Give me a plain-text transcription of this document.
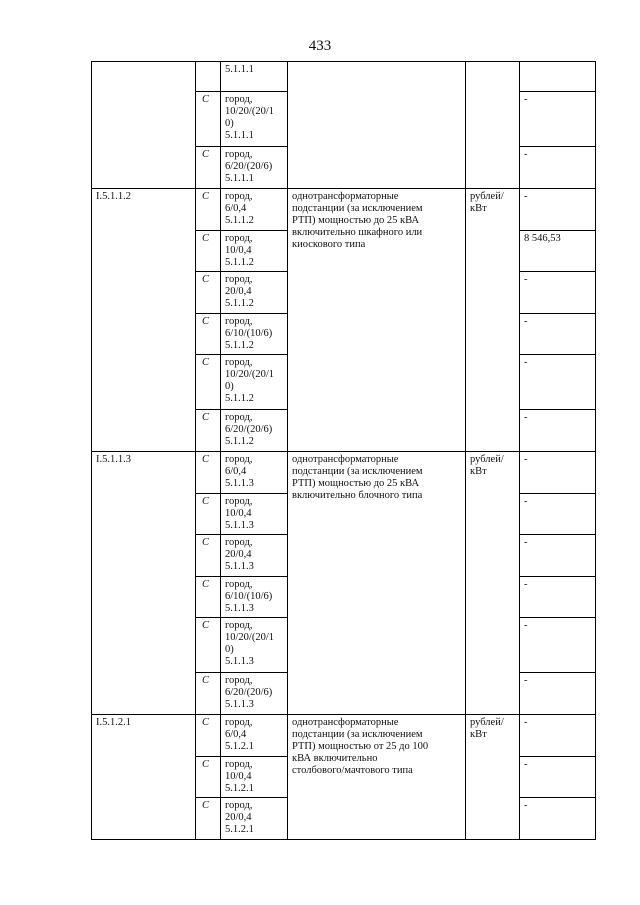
433

		5.1.1.1			

	C	город,
10/20/(20/1
0)
5.1.1.1			-
	C	город,
6/20/(20/6)
5.1.1.1			-
I.5.1.1.2	C	город,
6/0,4
5.1.1.2	однотрансформаторные
подстанции (за исключением
РТП) мощностью до 25 кВА
включительно шкафного или
киоскового типа	рублей/
кВт	-
	C	город,
10/0,4
5.1.1.2			8 546,53
	C	город,
20/0,4
5.1.1.2			-
	C	город,
6/10/(10/6)
5.1.1.2			-
	C	город,
10/20/(20/1
0)
5.1.1.2			-
	C	город,
6/20/(20/6)
5.1.1.2			-
I.5.1.1.3	C	город,
6/0,4
5.1.1.3	однотрансформаторные
подстанции (за исключением
РТП) мощностью до 25 кВА
включительно блочного типа	рублей/
кВт	-
	C	город,
10/0,4
5.1.1.3			-
	C	город,
20/0,4
5.1.1.3			-
	C	город,
6/10/(10/6)
5.1.1.3			-
	C	город,
10/20/(20/1
0)
5.1.1.3			-
	C	город,
6/20/(20/6)
5.1.1.3			-
I.5.1.2.1	C	город,
6/0,4
5.1.2.1	однотрансформаторные
подстанции (за исключением
РТП) мощностью от 25 до 100
кВА включительно
столбового/мачтового типа	рублей/
кВт	-
	C	город,
10/0,4
5.1.2.1			-
	C	город,
20/0,4
5.1.2.1			-
